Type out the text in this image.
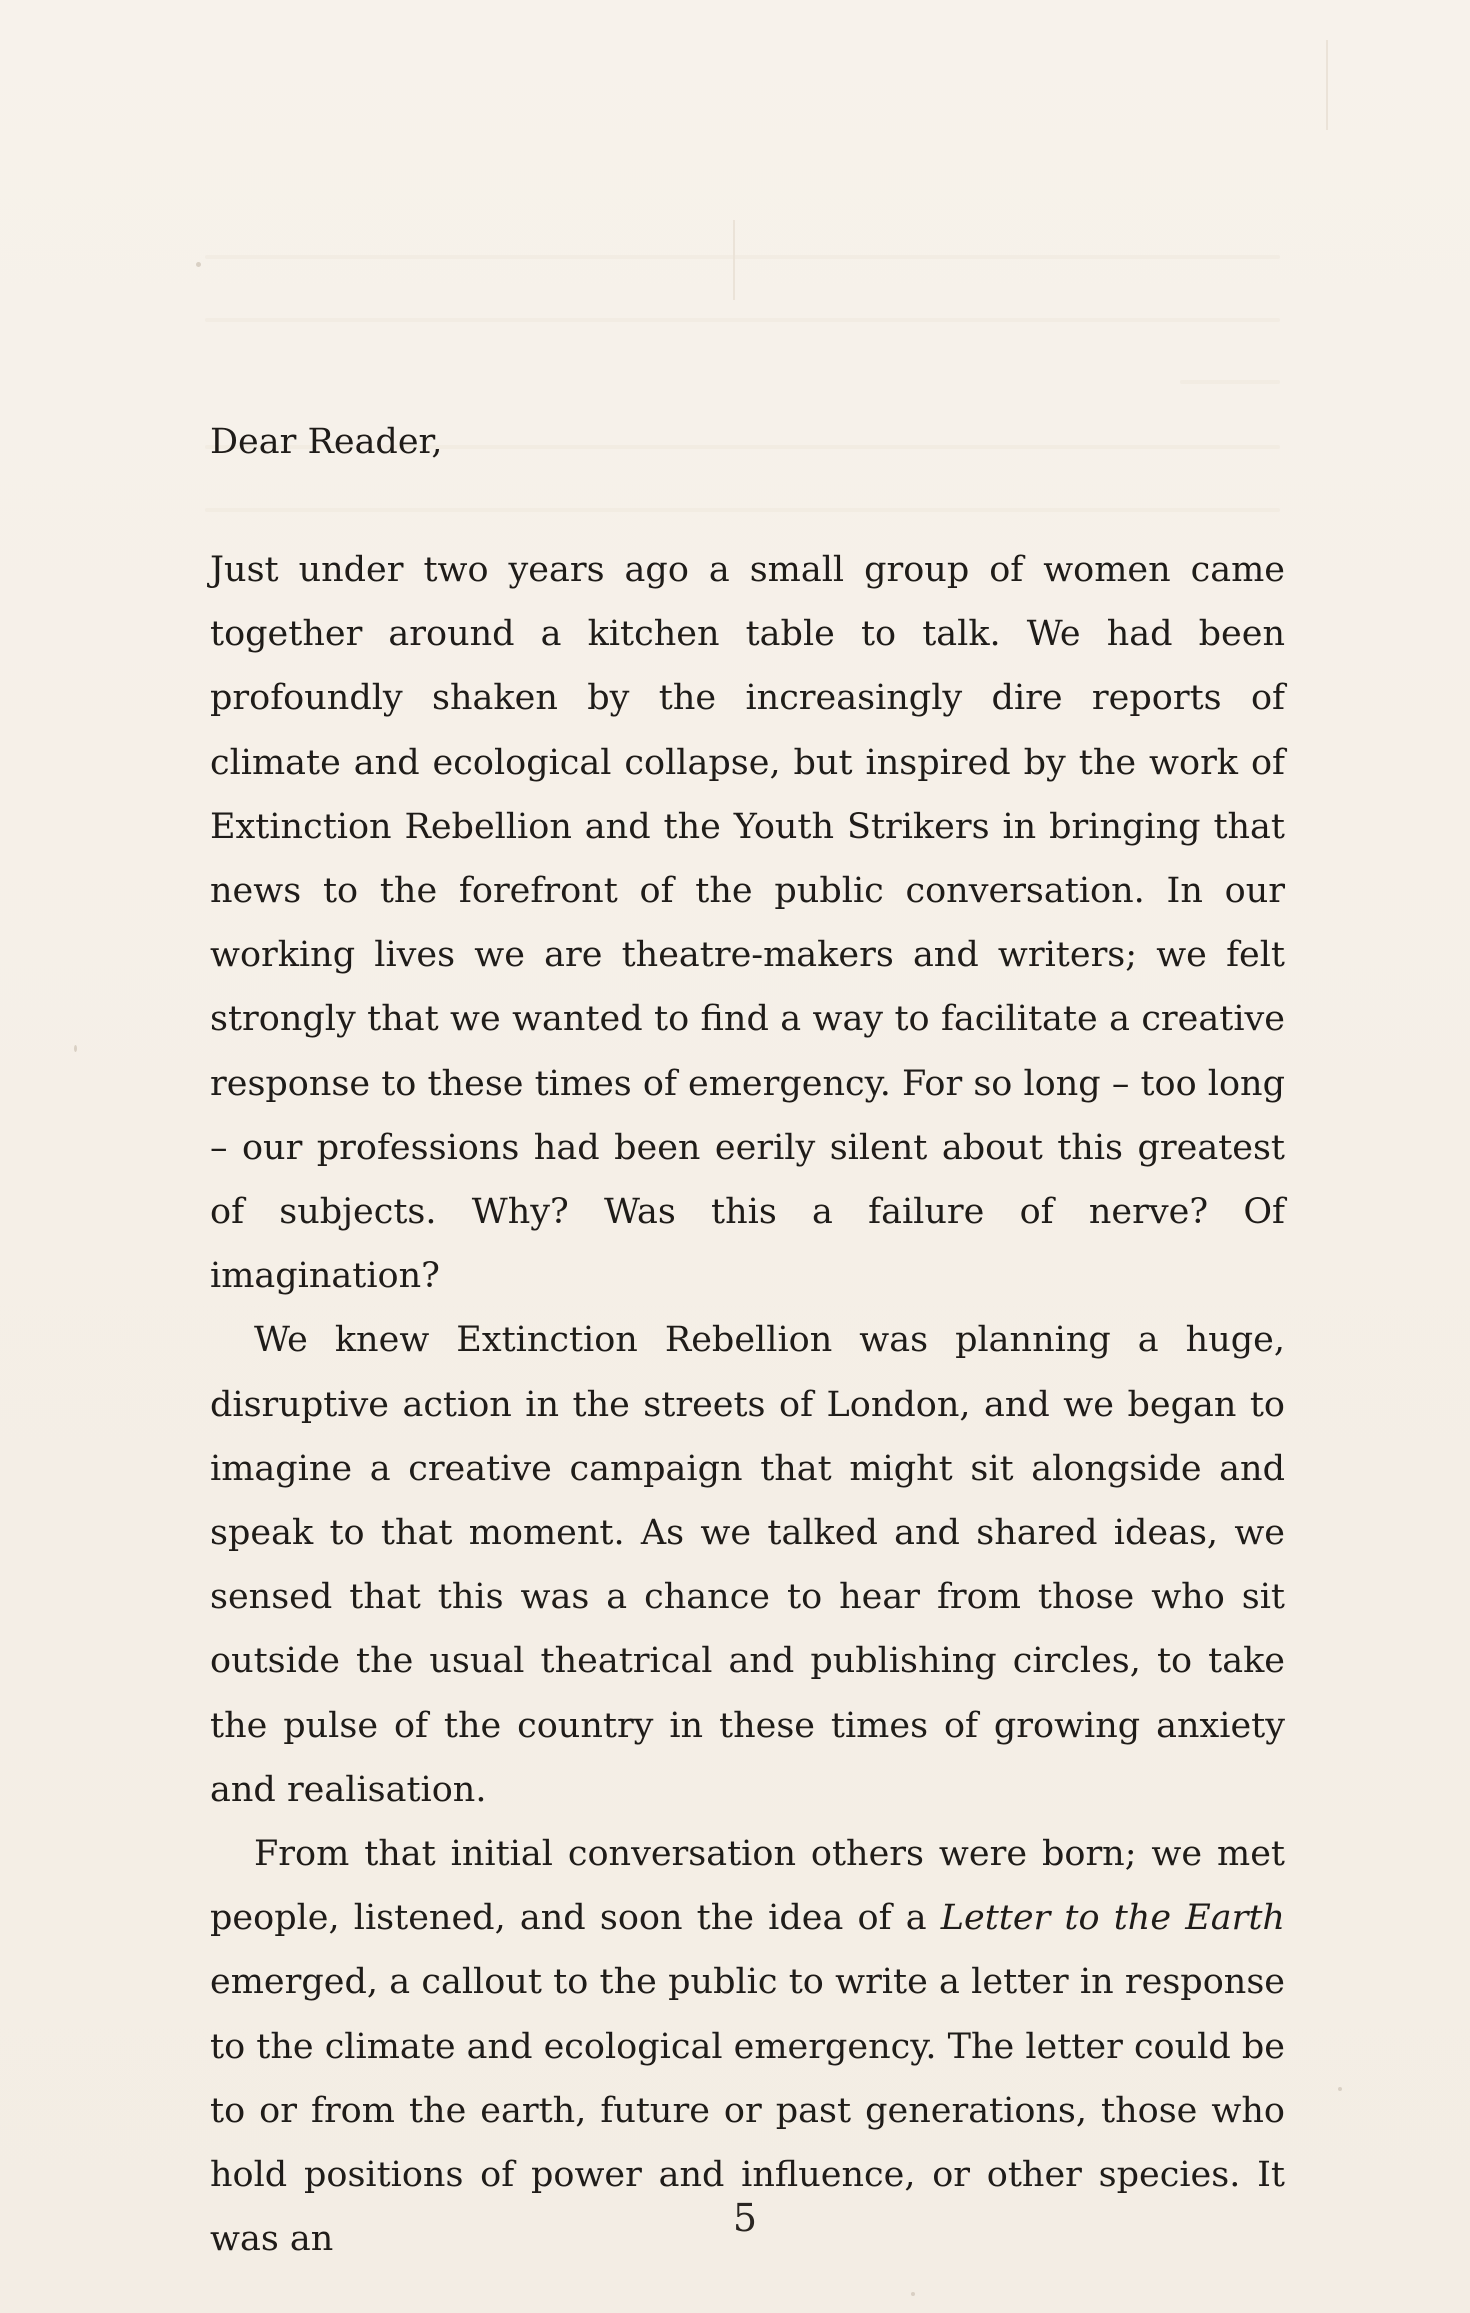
Dear Reader,

Just under two years ago a small group of women came together around a kitchen table to talk. We had been profoundly shaken by the increasingly dire reports of climate and ecological collapse, but inspired by the work of Extinction Rebellion and the Youth Strikers in bringing that news to the forefront of the public conversation. In our working lives we are theatre-makers and writers; we felt strongly that we wanted to find a way to facilitate a creative response to these times of emergency. For so long – too long – our professions had been eerily silent about this greatest of subjects. Why? Was this a failure of nerve? Of imagination?

We knew Extinction Rebellion was planning a huge, disruptive action in the streets of London, and we began to imagine a creative campaign that might sit alongside and speak to that moment. As we talked and shared ideas, we sensed that this was a chance to hear from those who sit outside the usual theatrical and publishing circles, to take the pulse of the country in these times of growing anxiety and realisation.

From that initial conversation others were born; we met people, listened, and soon the idea of a Letter to the Earth emerged, a callout to the public to write a letter in response to the climate and ecological emergency. The letter could be to or from the earth, future or past generations, those who hold positions of power and influence, or other species. It was an	5
